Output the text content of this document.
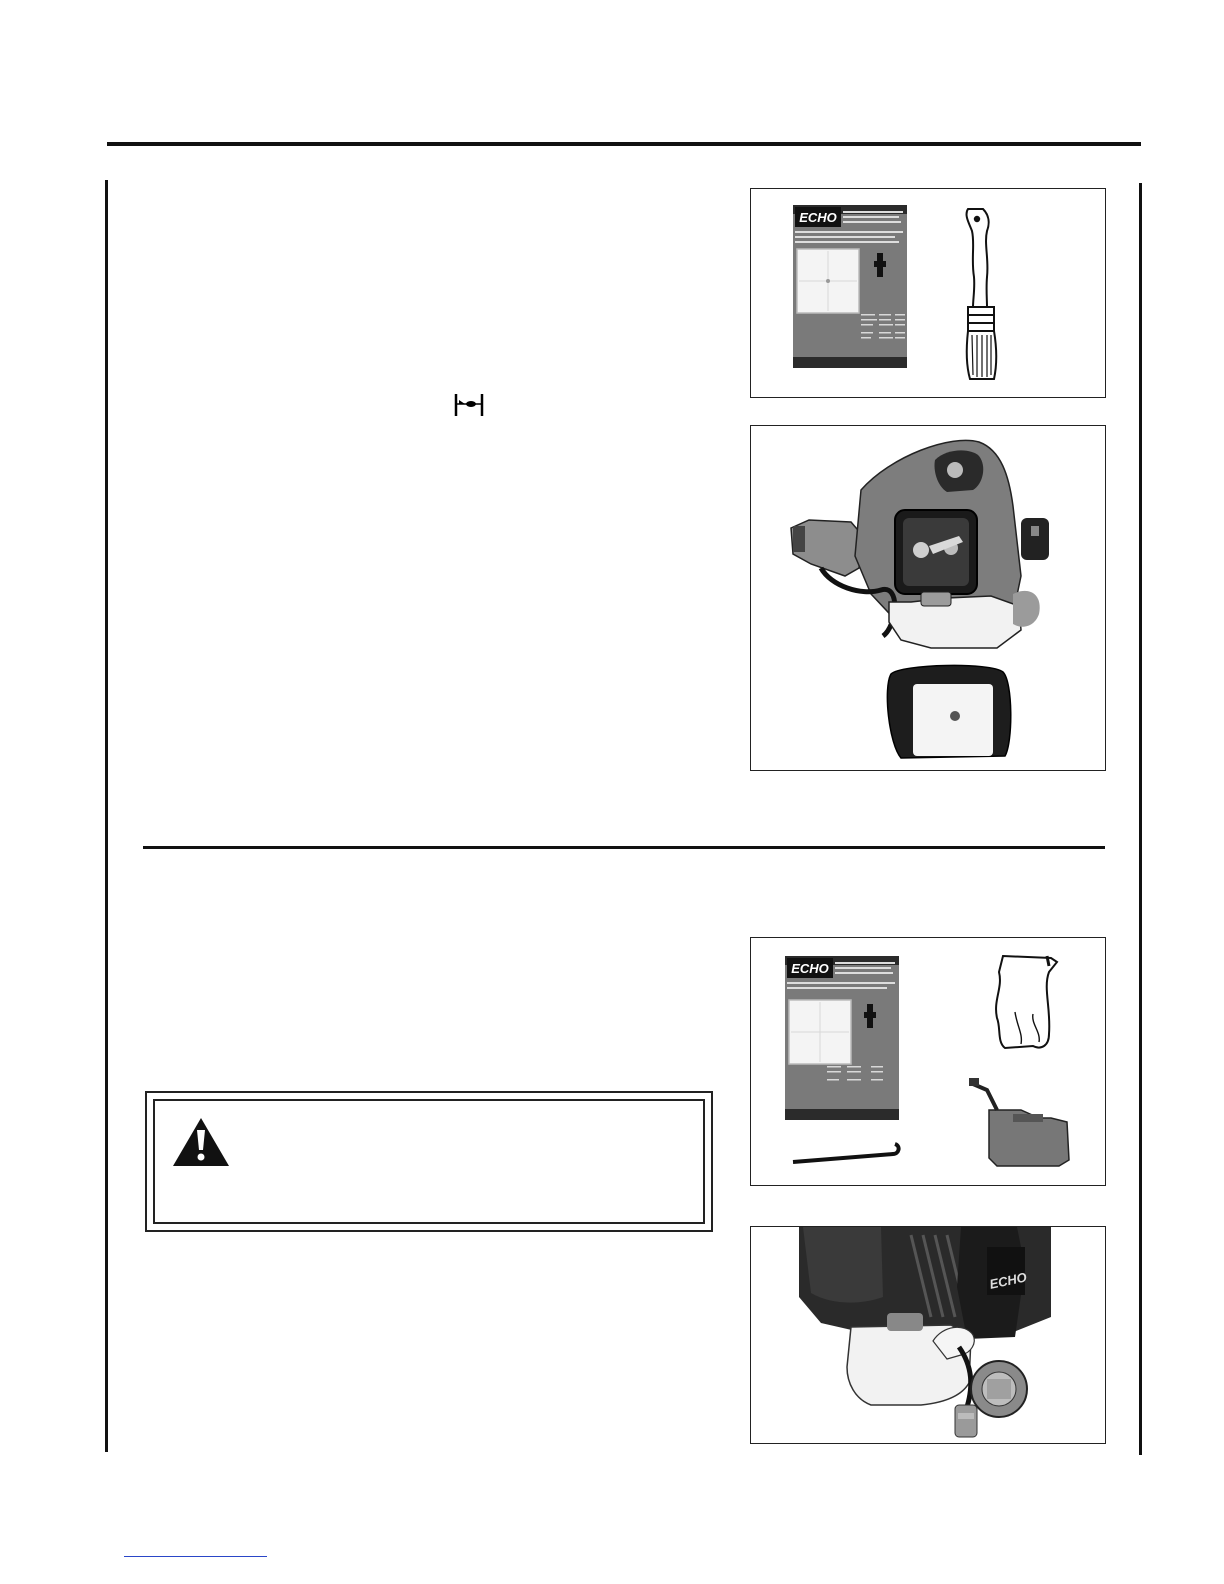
ECHO
ECHO
ECHO
